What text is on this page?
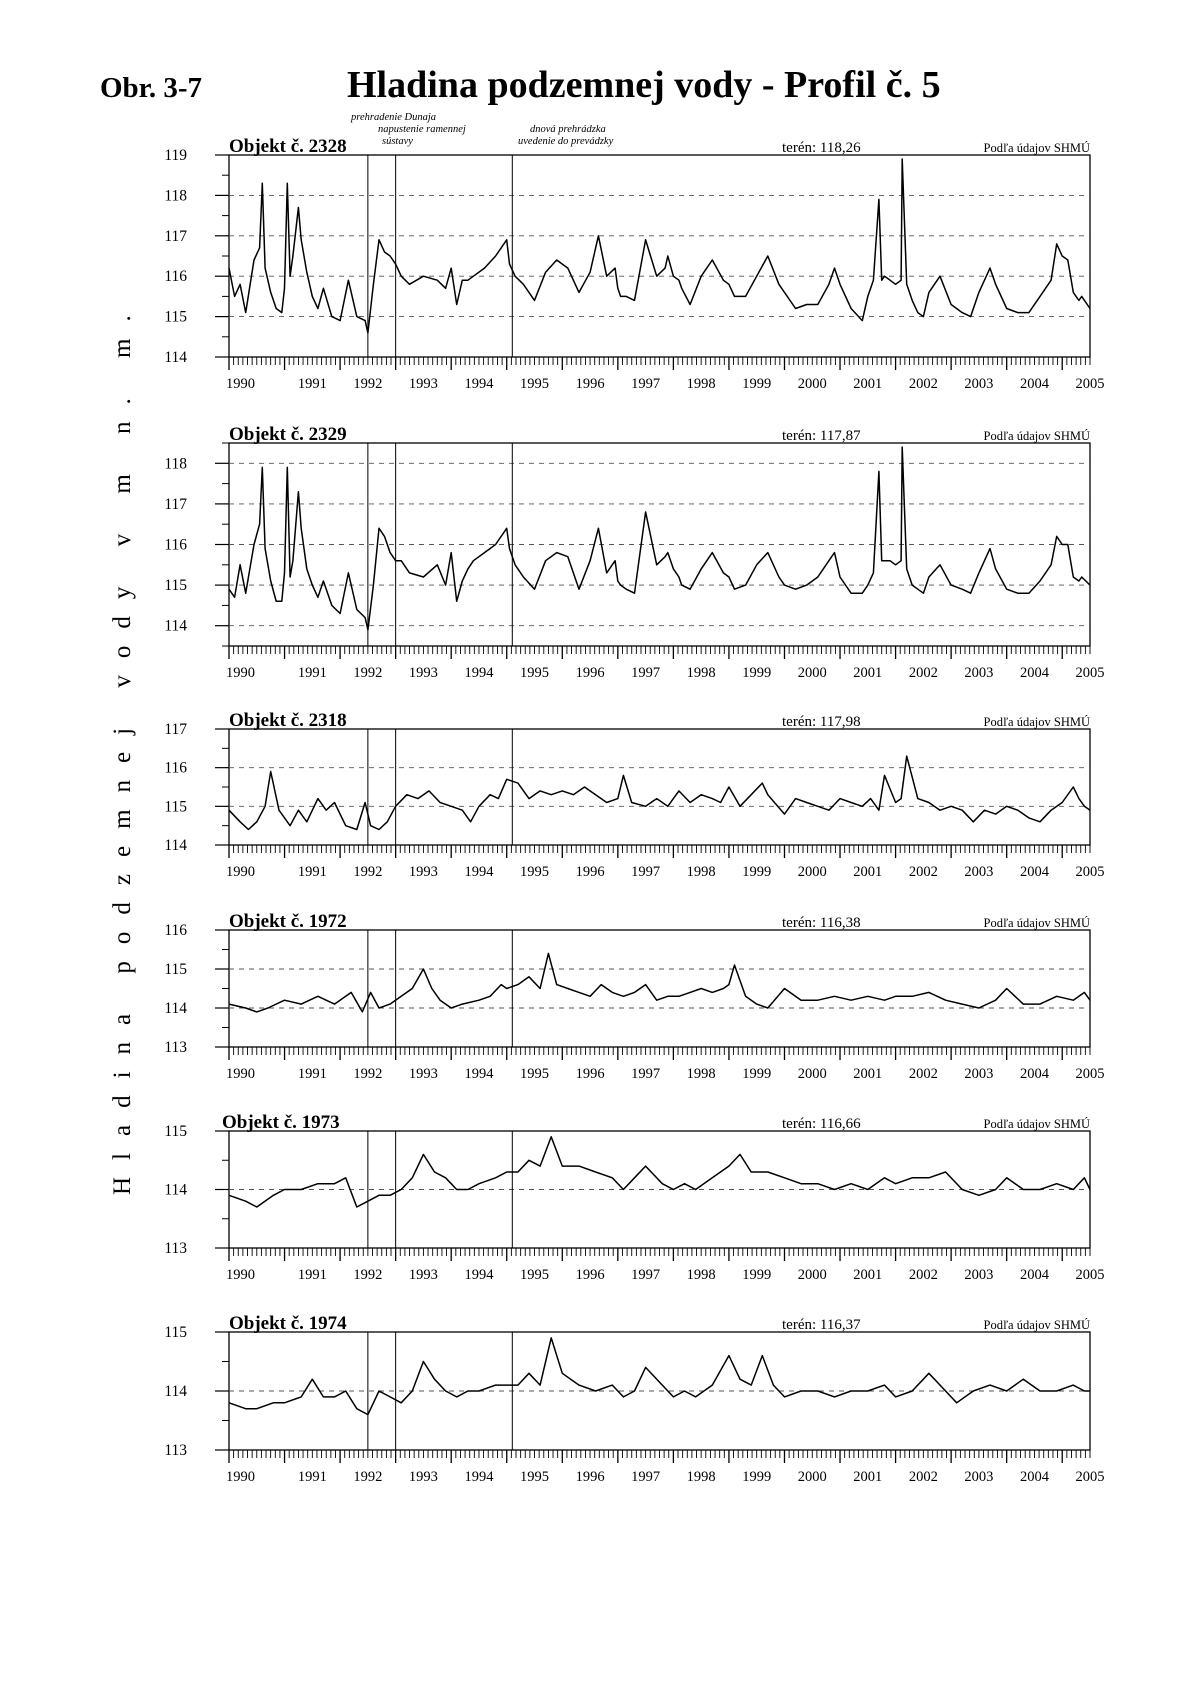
Obr. 3-7	Hladina podzemnej vody - Profil č. 5
prehradenie Dunaja
napustenie ramennej
sústavy
dnová prehrádzka
uvedenie do prevádzky
Hladina podzemnej vody v m n. m.
Objekt č. 2328	terén: 118,26	Podľa údajov SHMÚ
114
115
116
117
118
119
1990	1991 1992 1993 1994 1995 1996 1997 1998 1999 2000 2001 2002 2003 2004 2005
Objekt č. 2329	terén: 117,87	Podľa údajov SHMÚ
114
115
116
117
118
1990	1991 1992 1993 1994 1995 1996 1997 1998 1999 2000 2001 2002 2003 2004 2005
Objekt č. 2318	terén: 117,98	Podľa údajov SHMÚ
114
115
116
117
1990	1991 1992 1993 1994 1995 1996 1997 1998 1999 2000 2001 2002 2003 2004 2005
Objekt č. 1972	terén: 116,38	Podľa údajov SHMÚ
113
114
115
116
1990	1991 1992 1993 1994 1995 1996 1997 1998 1999 2000 2001 2002 2003 2004 2005
Objekt č. 1973	terén: 116,66	Podľa údajov SHMÚ
113
114
115
1990	1991 1992 1993 1994 1995 1996 1997 1998 1999 2000 2001 2002 2003 2004 2005
Objekt č. 1974	terén: 116,37	Podľa údajov SHMÚ
113
114
115
1990	1991 1992 1993 1994 1995 1996 1997 1998 1999 2000 2001 2002 2003 2004 2005
